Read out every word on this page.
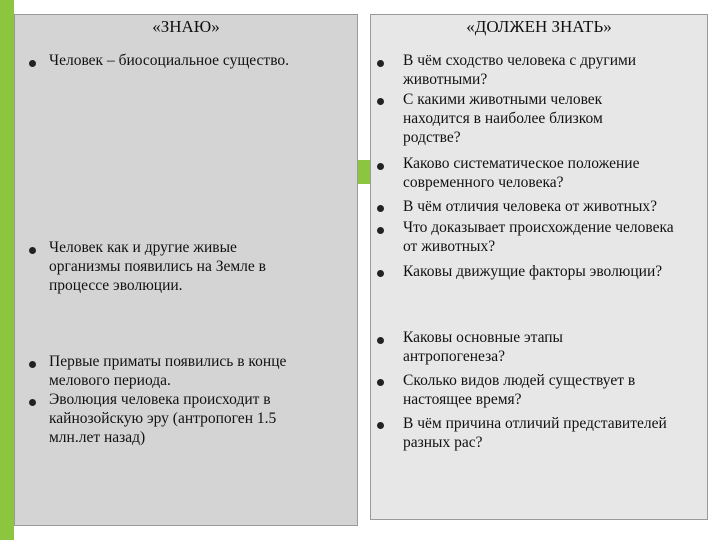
«ЗНАЮ»
Человек – биосоциальное существо.
Человек как и другие живые организмы появились на Земле в процессе эволюции.
Первые приматы появились в конце мелового периода.
Эволюция человека происходит в кайнозойскую эру (антропоген 1.5 млн.лет назад)
«ДОЛЖЕН ЗНАТЬ»
В чём сходство человека с другими животными?
С какими животными человек находится в наиболее близком родстве?
Каково систематическое положение современного человека?
В чём отличия человека от животных?
Что доказывает происхождение человека от животных?
Каковы движущие факторы эволюции?
Каковы основные этапы антропогенеза?
Сколько видов людей существует в настоящее время?
В чём причина отличий представителей разных рас?
